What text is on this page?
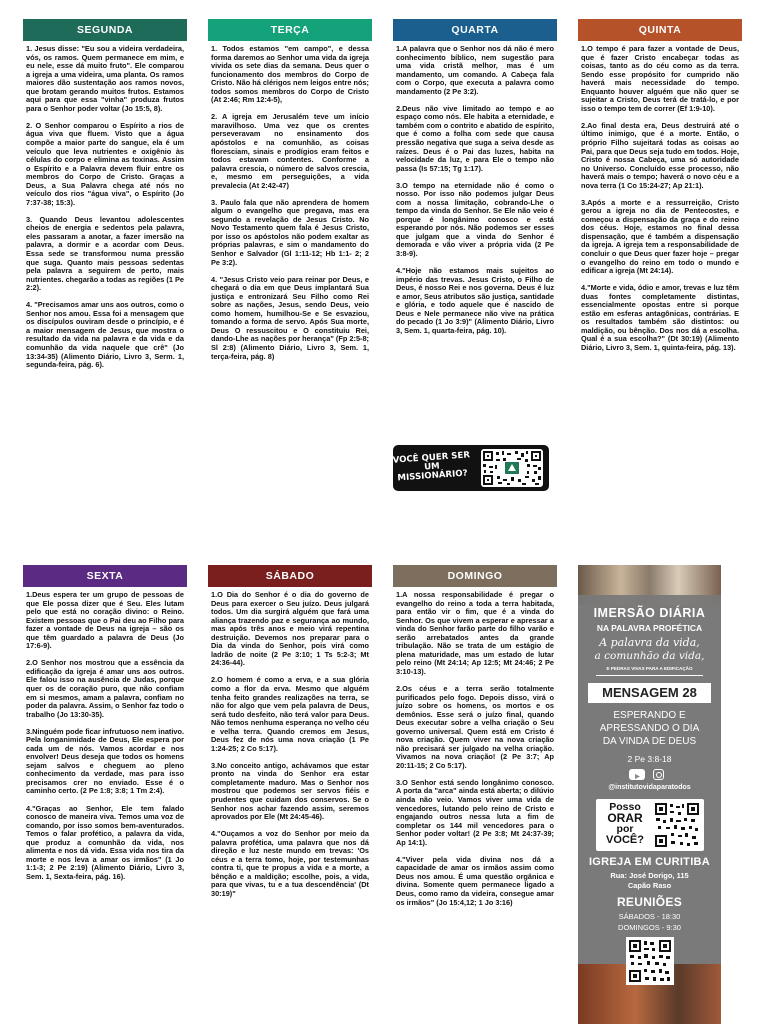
SEGUNDA

1. Jesus disse: "Eu sou a videira verdadeira, vós, os ramos. Quem permanece em mim, e eu nele, esse dá muito fruto". Ele comparou a igreja a uma videira, uma planta. Os ramos maiores dão sustentação aos ramos novos, que brotam gerando muitos frutos. Estamos aqui para que essa "vinha" produza frutos para o Senhor poder voltar (Jo 15:5, 8).

2. O Senhor comparou o Espírito a rios de água viva que fluem. Visto que a água compõe a maior parte do sangue, ela é um veículo que leva nutrientes e oxigênio às células do corpo e elimina as toxinas. Assim o Espírito e a Palavra devem fluir entre os membros do Corpo de Cristo. Graças a Deus, a Sua Palavra chega até nós no veículo dos rios "água viva", o Espírito (Jo 7:37-38; 15:3).

3. Quando Deus levantou adolescentes cheios de energia e sedentos pela palavra, eles passaram a anotar, a fazer imersão na palavra, a dormir e a acordar com Deus. Essa sede se transformou numa pressão que suga. Quanto mais pessoas sedentas pela palavra a seguirem de perto, mais nutrientes. chegarão a todas as regiões (1 Pe 2:2).

4. "Precisamos amar uns aos outros, como o Senhor nos amou. Essa foi a mensagem que os discípulos ouviram desde o princípio, e é a maior mensagem de Jesus, que mostra o resultado da vida na palavra e da vida e da comunhão da vida naquele que crê" (Jo 13:34-35) (Alimento Diário, Livro 3, Serm. 1, segunda-feira, pág. 6).

TERÇA

1. Todos estamos "em campo", e dessa forma daremos ao Senhor uma vida da igreja vivida os sete dias da semana. Deus quer o funcionamento dos membros do Corpo de Cristo. Não há clérigos nem leigos entre nós; todos somos membros do Corpo de Cristo (At 2:46; Rm 12:4-5),

2. A igreja em Jerusalém teve um início maravilhoso. Uma vez que os crentes perseveravam no ensinamento dos apóstolos e na comunhão, as coisas floresciam, sinais e prodígios eram feitos e todos estavam contentes. Conforme a palavra crescia, o número de salvos crescia, e, mesmo em perseguições, a vida prevalecia (At 2:42-47)

3. Paulo fala que não aprendera de homem algum o evangelho que pregava, mas era segundo a revelação de Jesus Cristo. No Novo Testamento quem fala é Jesus Cristo, por isso os apóstolos não podem exaltar as próprias palavras, e sim o mandamento do Senhor e Salvador (Gl 1:11-12; Hb 1:1- 2; 2 Pe 3:2).

4. "Jesus Cristo veio para reinar por Deus, e chegará o dia em que Deus implantará Sua justiça e entronizará Seu Filho como Rei sobre as nações, Jesus, sendo Deus, veio como homem, humilhou-Se e Se esvaziou, tomando a forma de servo. Após Sua morte, Deus O ressuscitou e O constituiu Rei, dando-Lhe as nações por herança" (Fp 2:5-8; Sl 2:8) (Alimento Diário, Livro 3, Sem. 1, terça-feira, pág. 8)

QUARTA

1.A palavra que o Senhor nos dá não é mero conhecimento bíblico, nem sugestão para uma vida cristã melhor, mas é um mandamento, um comando. A Cabeça fala com o Corpo, que executa a palavra como mandamento (2 Pe 3:2).

2.Deus não vive limitado ao tempo e ao espaço como nós. Ele habita a eternidade, e também com o contrito e abatido de espírito, que é como a folha com sede que causa pressão negativa que suga a seiva desde as raízes. Deus é o Pai das luzes, habita na velocidade da luz, e para Ele o tempo não passa (Is 57:15; Tg 1:17).

3.O tempo na eternidade não é como o nosso. Por isso não podemos julgar Deus com a nossa limitação, cobrando-Lhe o tempo da vinda do Senhor. Se Ele não veio é porque é longânimo conosco e está esperando por nós. Não podemos ser esses que julgam que a vinda do Senhor é demorada e vão viver a própria vida (2 Pe 3:8-9).

4."Hoje não estamos mais sujeitos ao império das trevas. Jesus Cristo, o Filho de Deus, é nosso Rei e nos governa. Deus é luz e amor, Seus atributos são justiça, santidade e glória, e todo aquele que é nascido de Deus e Nele permanece não vive na prática do pecado (1 Jo 3:9)" (Alimento Diário, Livro 3, Sem. 1, quarta-feira, pág. 10).

VOCÊ QUER SER UM MISSIONÁRIO?
QUINTA

1.O tempo é para fazer a vontade de Deus, que é fazer Cristo encabeçar todas as coisas, tanto as do céu como as da terra. Sendo esse propósito for cumprido não haverá mais necessidade do tempo. Enquanto houver alguém que não quer se sujeitar a Cristo, Deus terá de tratá-lo, e por isso o tempo tem de correr (Ef 1:9-10).

2.Ao final desta era, Deus destruirá até o último inimigo, que é a morte. Então, o próprio Filho sujeitará todas as coisas ao Pai, para que Deus seja tudo em todos. Hoje, Cristo é nossa Cabeça, uma só autoridade no Universo. Concluído esse processo, não haverá mais o tempo; haverá o novo céu e a nova terra (1 Co 15:24-27; Ap 21:1).

3.Após a morte e a ressurreição, Cristo gerou a igreja no dia de Pentecostes, e começou a dispensação da graça e do reino dos céus. Hoje, estamos no final dessa dispensação, que é também a dispensação da igreja. A igreja tem a responsabilidade de concluir o que Deus quer fazer hoje – pregar o evangelho do reino em todo o mundo e edificar a igreja (Mt 24:14).

4."Morte e vida, ódio e amor, trevas e luz têm duas fontes completamente distintas, essencialmente opostas entre si porque estão em esferas antagônicas, contrárias. E os resultados também são distintos: ou maldição, ou bênção. Dos nos dá a escolha. Qual é a sua escolha?" (Dt 30:19) (Alimento Diário, Livro 3, Sem. 1, quinta-feira, pág. 13).

SEXTA

1.Deus espera ter um grupo de pessoas de que Ele possa dizer que é Seu. Eles lutam pelo que está no coração divino: o Reino. Existem pessoas que o Pai deu ao Filho para fazer a vontade de Deus na igreja – são os que têm guardado a palavra de Deus (Jo 17:6-9).

2.O Senhor nos mostrou que a essência da edificação da igreja é amar uns aos outros. Ele falou isso na ausência de Judas, porque quer os de coração puro, que não confiam em si mesmos, amam a palavra, confiam no poder da palavra. Assim, o Senhor faz todo o trabalho (Jo 13:30-35).

3.Ninguém pode ficar infrutuoso nem inativo. Pela longanimidade de Deus, Ele espera por cada um de nós. Vamos acordar e nos envolver! Deus deseja que todos os homens sejam salvos e cheguem ao pleno conhecimento da verdade, mas para isso precisamos crer no enviado. Esse é o caminho certo. (2 Pe 1:8; 3:8; 1 Tm 2:4).

4."Graças ao Senhor, Ele tem falado conosco de maneira viva. Temos uma voz de comando, por isso somos bem-aventurados. Temos o falar profético, a palavra da vida, que produz a comunhão da vida, nos alimenta e nos dá vida. Essa vida nos tira da morte e nos leva a amar os irmãos" (1 Jo 1:1-3; 2 Pe 2:19) (Alimento Diário, Livro 3, Sem. 1, Sexta-feira, pág. 16).

SÁBADO

1.O Dia do Senhor é o dia do governo de Deus para exercer o Seu juízo. Deus julgará todos. Um dia surgirá alguém que fará uma aliança trazendo paz e segurança ao mundo, mas após três anos e meio virá repentina destruição. Devemos nos preparar para o Dia da vinda do Senhor, pois virá como ladrão de noite (2 Pe 3:10; 1 Ts 5:2-3; Mt 24:36-44).

2.O homem é como a erva, e a sua glória como a flor da erva. Mesmo que alguém tenha feito grandes realizações na terra, se não for algo que vem pela palavra de Deus, será tudo desfeito, não terá valor para Deus. Não temos nenhuma esperança no velho céu e velha terra. Quando cremos em Jesus, Deus fez de nós uma nova criação (1 Pe 1:24-25; 2 Co 5:17).

3.No conceito antigo, achávamos que estar pronto na vinda do Senhor era estar completamente maduro. Mas o Senhor nos mostrou que podemos ser servos fiéis e prudentes que cuidam dos conservos. Se o Senhor nos achar fazendo assim, seremos aprovados por Ele (Mt 24:45-46).

4."Ouçamos a voz do Senhor por meio da palavra profética, uma palavra que nos dá direção e luz neste mundo em trevas: 'Os céus e a terra tomo, hoje, por testemunhas contra ti, que te propus a vida e a morte, a bênção e a maldição; escolhe, pois, a vida, para que vivas, tu e a tua descendência' (Dt 30:19)"

DOMINGO

1.A nossa responsabilidade é pregar o evangelho do reino a toda a terra habitada, para então vir o fim, que é a vinda do Senhor. Os que vivem a esperar e apressar a vinda do Senhor farão parte do filho varão e serão arrebatados antes da grande tribulação. Não se trata de um estágio de plena maturidade, mas um estado de lutar pelo reino (Mt 24:14; Ap 12:5; Mt 24:46; 2 Pe 3:10-13).

2.Os céus e a terra serão totalmente purificados pelo fogo. Depois disso, virá o juízo sobre os homens, os mortos e os demônios. Esse será o juízo final, quando Deus executar sobre a velha criação o Seu governo universal. Quem está em Cristo é nova criação. Quem viver na nova criação não precisará ser julgado na velha criação. Vivamos na nova criação! (2 Pe 3:7; Ap 20:11-15; 2 Co 5:17).

3.O Senhor está sendo longânimo conosco. A porta da "arca" ainda está aberta; o dilúvio ainda não veio. Vamos viver uma vida de vencedores, lutando pelo reino de Cristo e engajando outros nessa luta a fim de completar os 144 mil vencedores para o Senhor poder voltar! (2 Pe 3:8; Mt 24:37-39; Ap 14:1).

4."Viver pela vida divina nos dá a capacidade de amar os irmãos assim como Deus nos amou. É uma questão orgânica e divina. Somente quem permanece ligado a Deus, como ramo da videira, consegue amar os irmãos" (Jo 15:4,12; 1 Jo 3:16)

IMERSÃO DIÁRIA
NA PALAVRA PROFÉTICA
A palavra da vida,
a comunhão da vida,
E PEDRAS VIVAS PARA A EDIFICAÇÃO
MENSAGEM 28
ESPERANDO E
APRESSANDO O DIA
DA VINDA DE DEUS
2 Pe 3:8-18
@institutovidaparatodos
Posso
ORAR
por
VOCÊ?
IGREJA EM CURITIBA
Rua: José Dorigo, 115
Capão Raso
REUNIÕES
SÁBADOS - 18:30
DOMINGOS - 9:30
